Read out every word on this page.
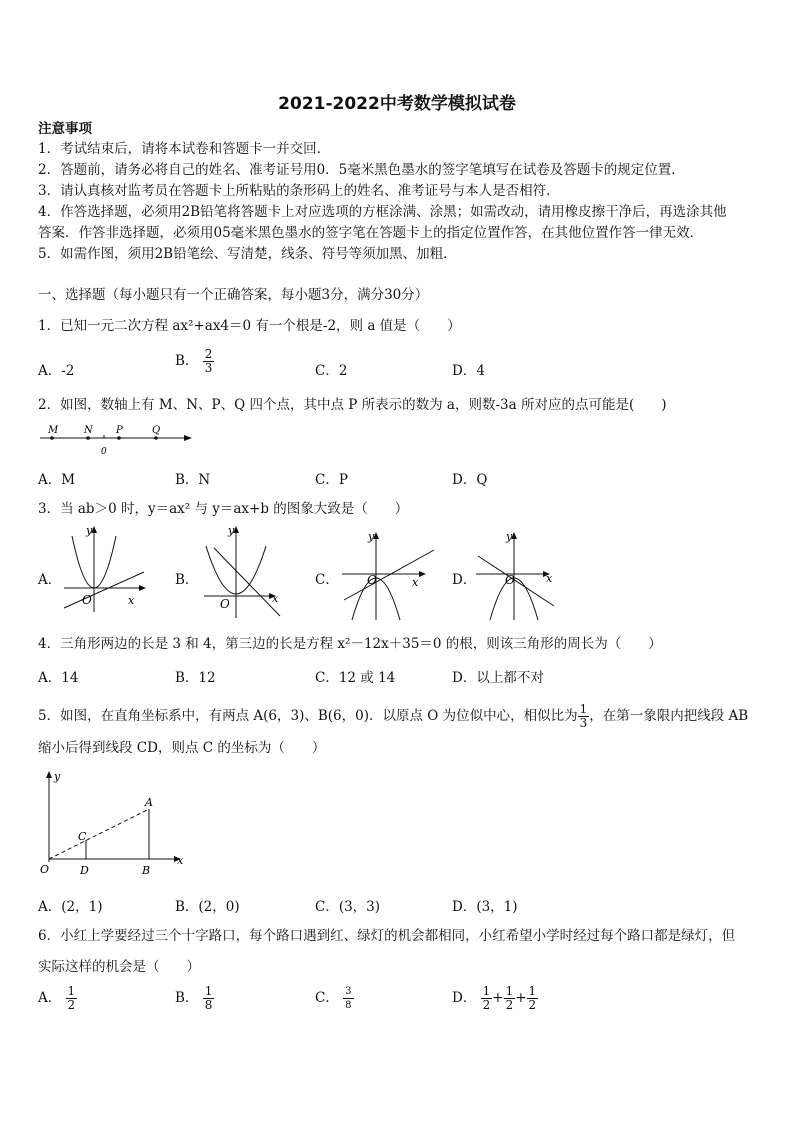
2021-2022中考数学模拟试卷
注意事项
1．考试结束后，请将本试卷和答题卡一并交回．
2．答题前，请务必将自己的姓名、准考证号用0．5毫米黑色墨水的签字笔填写在试卷及答题卡的规定位置．
3．请认真核对监考员在答题卡上所粘贴的条形码上的姓名、准考证号与本人是否相符．
4．作答选择题，必须用2B铅笔将答题卡上对应选项的方框涂满、涂黑；如需改动，请用橡皮擦干净后，再选涂其他
答案．作答非选择题，必须用05毫米黑色墨水的签字笔在答题卡上的指定位置作答，在其他位置作答一律无效．
5．如需作图，须用2B铅笔绘、写清楚，线条、符号等须加黑、加粗．
一、选择题（每小题只有一个正确答案，每小题3分，满分30分）
1．已知一元二次方程 ax²+ax4＝0 有一个根是-2，则 a 值是（　　）
A．-2
B． $\frac{2}{3}$	C．2	D．4
2．如图，数轴上有 M、N、P、Q 四个点，其中点 P 所表示的数为 a，则数-3a 所对应的点可能是(　　)
M	N P	Q
0
A．M	B．N	C．P	D．Q
3．当 ab＞0 时，y＝ax² 与 y＝ax+b 的图象大致是（　　）
A．
y
x
O
B．
y
x
O
C．
y
x
O	D．
y
x
O
4．三角形两边的长是 3 和 4，第三边的长是方程 x²－12x＋35＝0 的根，则该三角形的周长为（　　）
A．14	B．12	C．12 或 14	D．以上都不对
5．如图，在直角坐标系中，有两点 A(6，3)、B(6，0)．以原点 O 为位似中心，相似比为 $\frac{1}{3}$ ，在第一象限内把线段 AB
缩小后得到线段 CD，则点 C 的坐标为（　　）
y
x
A
B
C
D
O
A．(2，1)	B．(2，0)	C．(3，3)	D．(3，1)
6．小红上学要经过三个十字路口，每个路口遇到红、绿灯的机会都相同，小红希望小学时经过每个路口都是绿灯，但
实际这样的机会是（　　）
A． $\frac{1}{2}$	B． $\frac{1}{8}$	C． $\frac{3}{8}$	D． $\frac{1}{2} + \frac{1}{2} + \frac{1}{2}$
